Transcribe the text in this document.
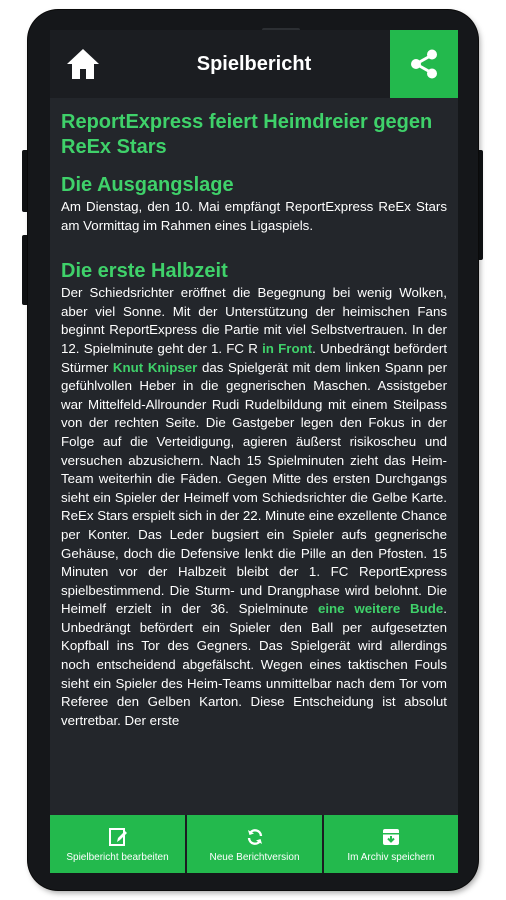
Spielbericht
ReportExpress feiert Heimdreier gegen ReEx Stars
Die Ausgangslage

Am Dienstag, den 10. Mai empfängt ReportExpress ReEx Stars am Vormittag im Rahmen eines Ligaspiels.

Die erste Halbzeit

Der Schiedsrichter eröffnet die Begegnung bei wenig Wolken, aber viel Sonne. Mit der Unterstützung der heimischen Fans beginnt ReportExpress die Partie mit viel Selbstvertrauen. In der 12. Spielminute geht der 1. FC R in Front. Unbedrängt befördert Stürmer Knut Knipser das Spielgerät mit dem linken Spann per gefühlvollen Heber in die gegnerischen Maschen. Assistgeber war Mittelfeld-Allrounder Rudi Rudelbildung mit einem Steilpass von der rechten Seite. Die Gastgeber legen den Fokus in der Folge auf die Verteidigung, agieren äußerst risikoscheu und versuchen abzusichern. Nach 15 Spielminuten zieht das Heim-Team weiterhin die Fäden. Gegen Mitte des ersten Durchgangs sieht ein Spieler der Heimelf vom Schiedsrichter die Gelbe Karte. ReEx Stars erspielt sich in der 22. Minute eine exzellente Chance per Konter. Das Leder bugsiert ein Spieler aufs gegnerische Gehäuse, doch die Defensive lenkt die Pille an den Pfosten. 15 Minuten vor der Halbzeit bleibt der 1. FC ReportExpress spielbestimmend. Die Sturm- und Drangphase wird belohnt. Die Heimelf erzielt in der 36. Spielminute eine weitere Bude. Unbedrängt befördert ein Spieler den Ball per aufgesetzten Kopfball ins Tor des Gegners. Das Spielgerät wird allerdings noch entscheidend abgefälscht. Wegen eines taktischen Fouls sieht ein Spieler des Heim-Teams unmittelbar nach dem Tor vom Referee den Gelben Karton. Diese Entscheidung ist absolut vertretbar. Der erste

Spielbericht bearbeiten	Neue Berichtversion	Im Archiv speichern
